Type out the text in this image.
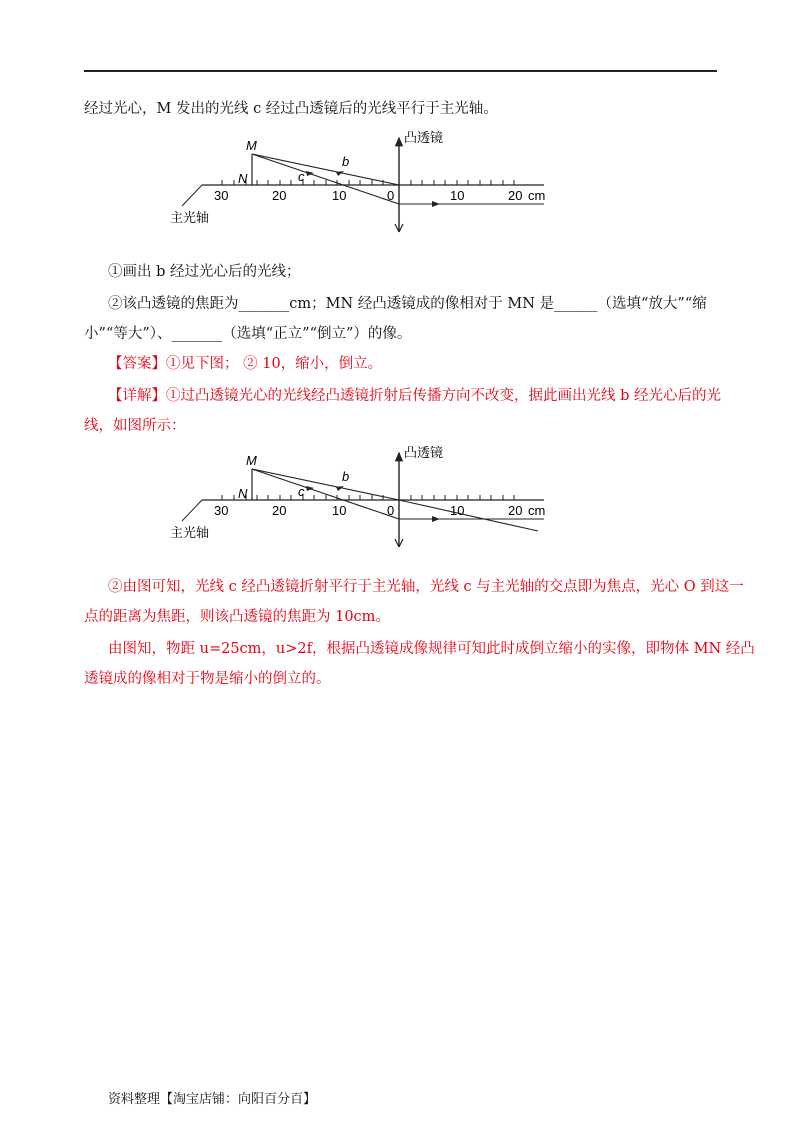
经过光心，M 发出的光线 c 经过凸透镜后的光线平行于主光轴。
M
N
b
c
凸透镜
主光轴
30	20	10	0	10	20 cm
①画出 b 经过光心后的光线；
②该凸透镜的焦距为_______cm；MN 经凸透镜成的像相对于 MN 是______（选填“放大”“缩
小”“等大”）、_______（选填“正立”“倒立”）的像。
【答案】①见下图； ② 10，缩小，倒立。
【详解】①过凸透镜光心的光线经凸透镜折射后传播方向不改变，据此画出光线 b 经光心后的光
线，如图所示：
M
N
b
c
凸透镜
主光轴
30	20	10	0	10	20 cm
②由图可知，光线 c 经凸透镜折射平行于主光轴，光线 c 与主光轴的交点即为焦点，光心 O 到这一
点的距离为焦距，则该凸透镜的焦距为 10cm。
由图知，物距 u=25cm，u>2f，根据凸透镜成像规律可知此时成倒立缩小的实像，即物体 MN 经凸
透镜成的像相对于物是缩小的倒立的。
资料整理【淘宝店铺：向阳百分百】
